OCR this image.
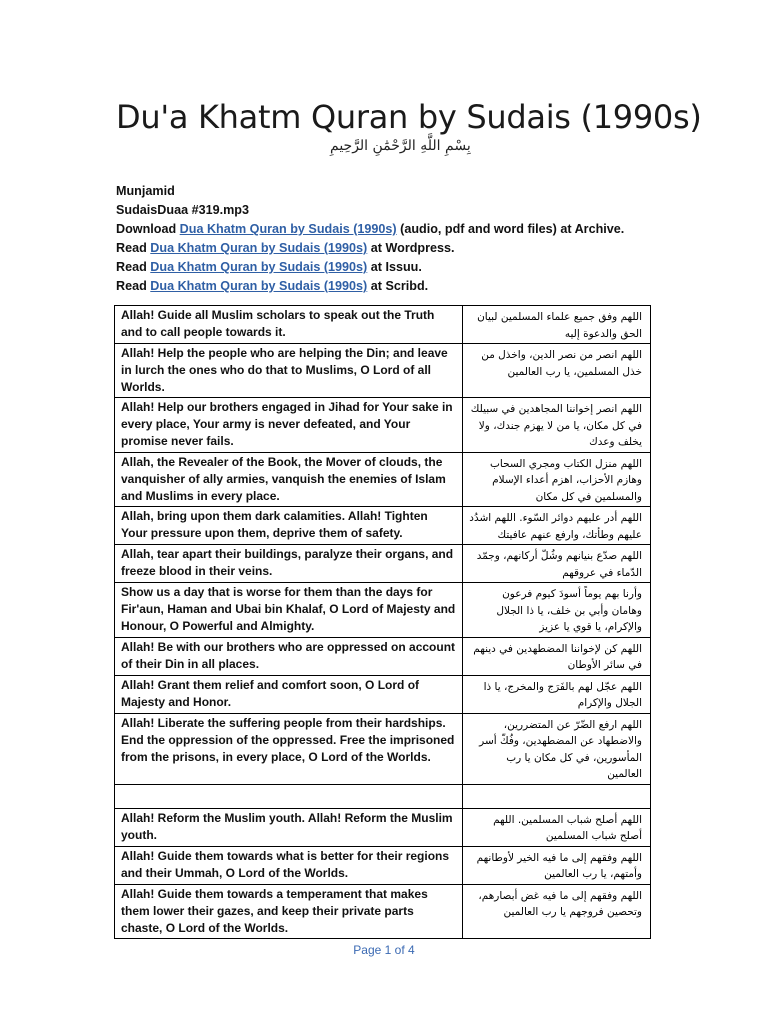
Du'a Khatm Quran by Sudais (1990s)
بِسْمِ اللَّهِ الرَّحْمَٰنِ الرَّحِيمِ
Munjamid
SudaisDuaa #319.mp3
Download Dua Khatm Quran by Sudais (1990s) (audio, pdf and word files) at Archive.
Read Dua Khatm Quran by Sudais (1990s) at Wordpress.
Read Dua Khatm Quran by Sudais (1990s) at Issuu.
Read Dua Khatm Quran by Sudais (1990s) at Scribd.
Allah! Guide all Muslim scholars to speak out the Truth and to call people towards it.	اللهم وفق جميع علماء المسلمين لبيان الحق والدعوة إليه
Allah! Help the people who are helping the Din; and leave in lurch the ones who do that to Muslims, O Lord of all Worlds.	اللهم انصر من نصر الدين، واخذل من خذل المسلمين، يا رب العالمين
Allah! Help our brothers engaged in Jihad for Your sake in every place, Your army is never defeated, and Your promise never fails.	اللهم انصر إخواننا المجاهدين في سبيلك في كل مكان، يا من لا يهزم جندك، ولا يخلف وعدك
Allah, the Revealer of the Book, the Mover of clouds, the vanquisher of ally armies, vanquish the enemies of Islam and Muslims in every place.	اللهم منزل الكتاب ومجري السحاب وهازم الأحزاب، اهزم أعداء الإسلام والمسلمين في كل مكان
Allah, bring upon them dark calamities. Allah! Tighten Your pressure upon them, deprive them of safety.	اللهم أدر عليهم دوائر السّوء. اللهم اشدُد عليهم وطأتك، وارفع عنهم عافيتك
Allah, tear apart their buildings, paralyze their organs, and freeze blood in their veins.	اللهم صدّع بنيانهم وشُلّ أركانهم، وجمّد الدّماء في عروقهم
Show us a day that is worse for them than the days for Fir'aun, Haman and Ubai bin Khalaf, O Lord of Majesty and Honour, O Powerful and Almighty.	وأرنا بهم يوماً أسودَ كيوم فرعون وهامان وأبي بن خلف، يا ذا الجلال والإكرام، يا قوي يا عزيز
Allah! Be with our brothers who are oppressed on account of their Din in all places.	اللهم كن لإخواننا المضطهدين في دينهم في سائر الأوطان
Allah! Grant them relief and comfort soon, O Lord of Majesty and Honor.	اللهم عجّل لهم بالفَرَج والمخرج، يا ذا الجلال والإكرام
Allah! Liberate the suffering people from their hardships. End the oppression of the oppressed. Free the imprisoned from the prisons, in every place, O Lord of the Worlds.	اللهم ارفع الضّرّ عن المتضررين، والاضطهاد عن المضطهدين، وفُكّ أسر المأسورين، في كل مكان يا رب العالمين

Allah! Reform the Muslim youth. Allah! Reform the Muslim youth.	اللهم أصلح شباب المسلمين. اللهم أصلح شباب المسلمين
Allah! Guide them towards what is better for their regions and their Ummah, O Lord of the Worlds.	اللهم وفقهم إلى ما فيه الخير لأوطانهم وأمتهم، يا رب العالمين
Allah! Guide them towards a temperament that makes them lower their gazes, and keep their private parts chaste, O Lord of the Worlds.	اللهم وفقهم إلى ما فيه غض أبصارهم، وتحصين فروجهم يا رب العالمين
Page 1 of 4
